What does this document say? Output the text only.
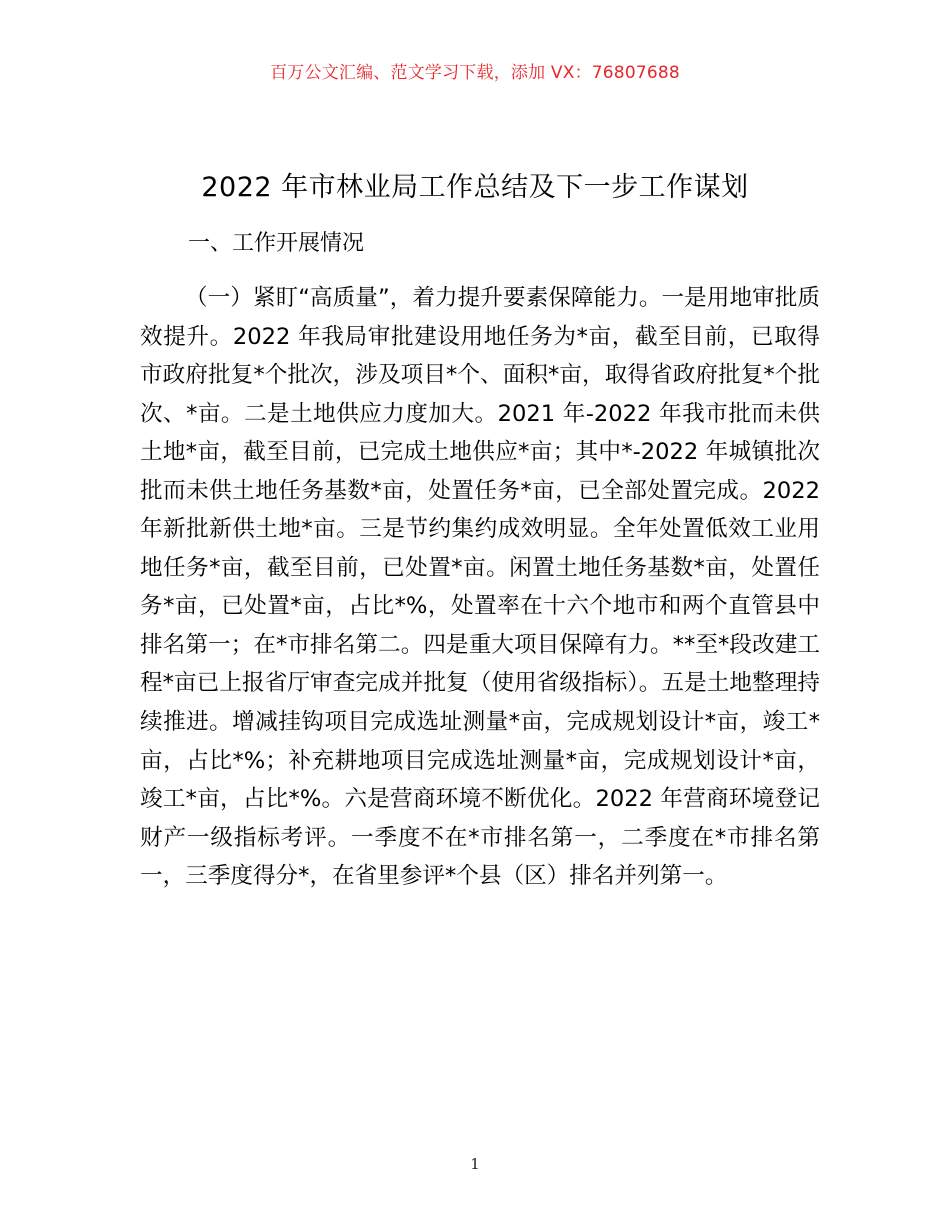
百万公文汇编、范文学习下载，添加 VX：76807688
2022 年市林业局工作总结及下一步工作谋划
一、工作开展情况

（一）紧盯“高质量”，着力提升要素保障能力。一是用地审批质效提升。2022 年我局审批建设用地任务为*亩，截至目前，已取得市政府批复*个批次，涉及项目*个、面积*亩，取得省政府批复*个批次、*亩。二是土地供应力度加大。2021 年-2022 年我市批而未供土地*亩，截至目前，已完成土地供应*亩；其中*-2022 年城镇批次批而未供土地任务基数*亩，处置任务*亩，已全部处置完成。2022 年新批新供土地*亩。三是节约集约成效明显。全年处置低效工业用地任务*亩，截至目前，已处置*亩。闲置土地任务基数*亩，处置任务*亩，已处置*亩，占比*%，处置率在十六个地市和两个直管县中排名第一；在*市排名第二。四是重大项目保障有力。**至*段改建工程*亩已上报省厅审查完成并批复（使用省级指标）。五是土地整理持续推进。增减挂钩项目完成选址测量*亩，完成规划设计*亩，竣工*亩，占比*%；补充耕地项目完成选址测量*亩，完成规划设计*亩，竣工*亩，占比*%。六是营商环境不断优化。2022 年营商环境登记财产一级指标考评。一季度不在*市排名第一，二季度在*市排名第一，三季度得分*，在省里参评*个县（区）排名并列第一。

1
